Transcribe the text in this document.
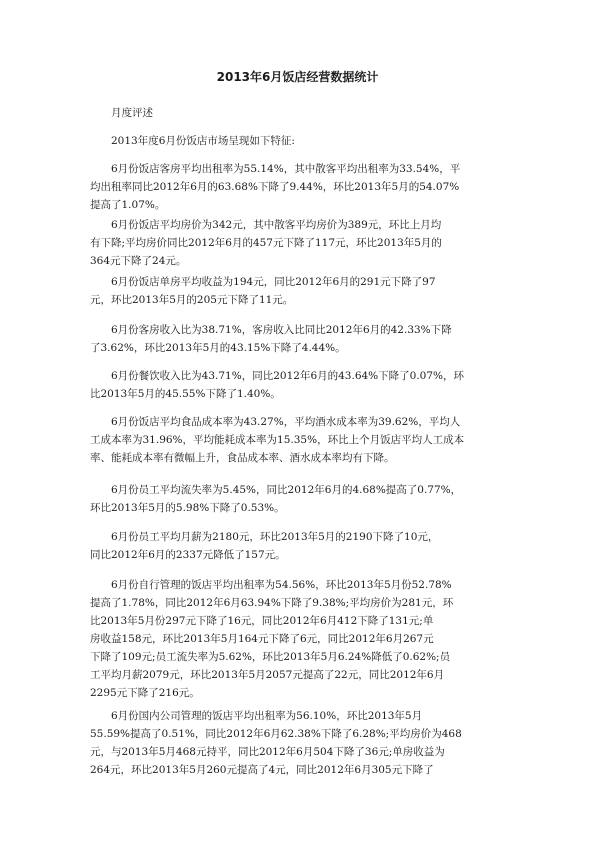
2013年6月饭店经营数据统计

　　月度评述

　　2013年度6月份饭店市场呈现如下特征:

　　6月份饭店客房平均出租率为55.14%，其中散客平均出租率为33.54%，平
均出租率同比2012年6月的63.68%下降了9.44%，环比2013年5月的54.07%
提高了1.07%。

　　6月份饭店平均房价为342元，其中散客平均房价为389元，环比上月均
有下降;平均房价同比2012年6月的457元下降了117元，环比2013年5月的
364元下降了24元。

　　6月份饭店单房平均收益为194元，同比2012年6月的291元下降了97
元，环比2013年5月的205元下降了11元。

　　6月份客房收入比为38.71%，客房收入比同比2012年6月的42.33%下降
了3.62%，环比2013年5月的43.15%下降了4.44%。

　　6月份餐饮收入比为43.71%，同比2012年6月的43.64%下降了0.07%，环
比2013年5月的45.55%下降了1.40%。

　　6月份饭店平均食品成本率为43.27%，平均酒水成本率为39.62%，平均人
工成本率为31.96%，平均能耗成本率为15.35%，环比上个月饭店平均人工成本
率、能耗成本率有微幅上升，食品成本率、酒水成本率均有下降。

　　6月份员工平均流失率为5.45%，同比2012年6月的4.68%提高了0.77%，
环比2013年5月的5.98%下降了0.53%。

　　6月份员工平均月薪为2180元，环比2013年5月的2190下降了10元，
同比2012年6月的2337元降低了157元。

　　6月份自行管理的饭店平均出租率为54.56%，环比2013年5月份52.78%
提高了1.78%，同比2012年6月63.94%下降了9.38%;平均房价为281元，环
比2013年5月份297元下降了16元，同比2012年6月412下降了131元;单
房收益158元，环比2013年5月164元下降了6元，同比2012年6月267元
下降了109元;员工流失率为5.62%，环比2013年5月6.24%降低了0.62%;员
工平均月薪2079元，环比2013年5月2057元提高了22元，同比2012年6月
2295元下降了216元。

　　6月份国内公司管理的饭店平均出租率为56.10%，环比2013年5月
55.59%提高了0.51%，同比2012年6月62.38%下降了6.28%;平均房价为468
元，与2013年5月468元持平，同比2012年6月504下降了36元;单房收益为
264元，环比2013年5月260元提高了4元，同比2012年6月305元下降了
